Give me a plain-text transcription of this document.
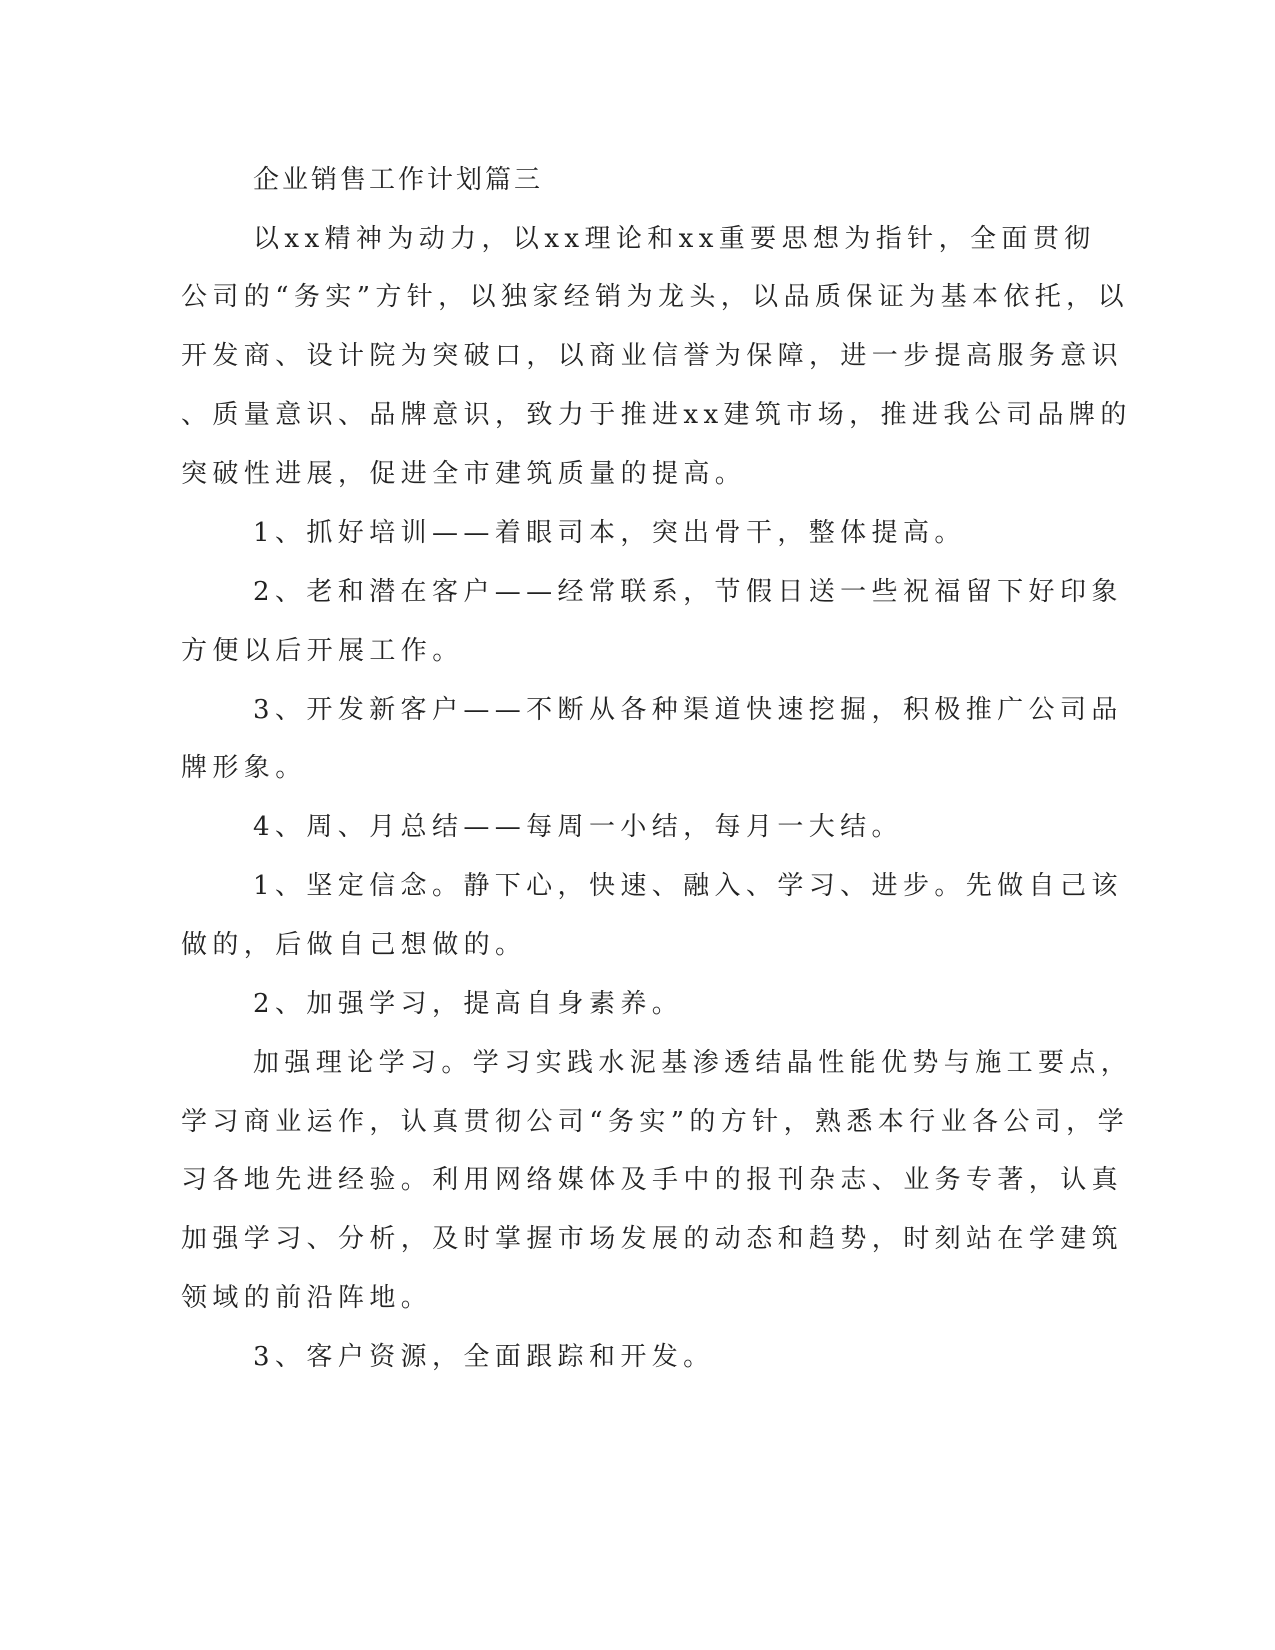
企业销售工作计划篇三
以xx精神为动力，以xx理论和xx重要思想为指针，全面贯彻
公司的“务实”方针，以独家经销为龙头，以品质保证为基本依托，以
开发商、设计院为突破口，以商业信誉为保障，进一步提高服务意识
、质量意识、品牌意识，致力于推进xx建筑市场，推进我公司品牌的
突破性进展，促进全市建筑质量的提高。
1、抓好培训——着眼司本，突出骨干，整体提高。
2、老和潜在客户——经常联系，节假日送一些祝福留下好印象
方便以后开展工作。
3、开发新客户——不断从各种渠道快速挖掘，积极推广公司品
牌形象。
4、周、月总结——每周一小结，每月一大结。
1、坚定信念。静下心，快速、融入、学习、进步。先做自己该
做的，后做自己想做的。
2、加强学习，提高自身素养。
加强理论学习。学习实践水泥基渗透结晶性能优势与施工要点，
学习商业运作，认真贯彻公司“务实”的方针，熟悉本行业各公司，学
习各地先进经验。利用网络媒体及手中的报刊杂志、业务专著，认真
加强学习、分析，及时掌握市场发展的动态和趋势，时刻站在学建筑
领域的前沿阵地。
3、客户资源，全面跟踪和开发。
